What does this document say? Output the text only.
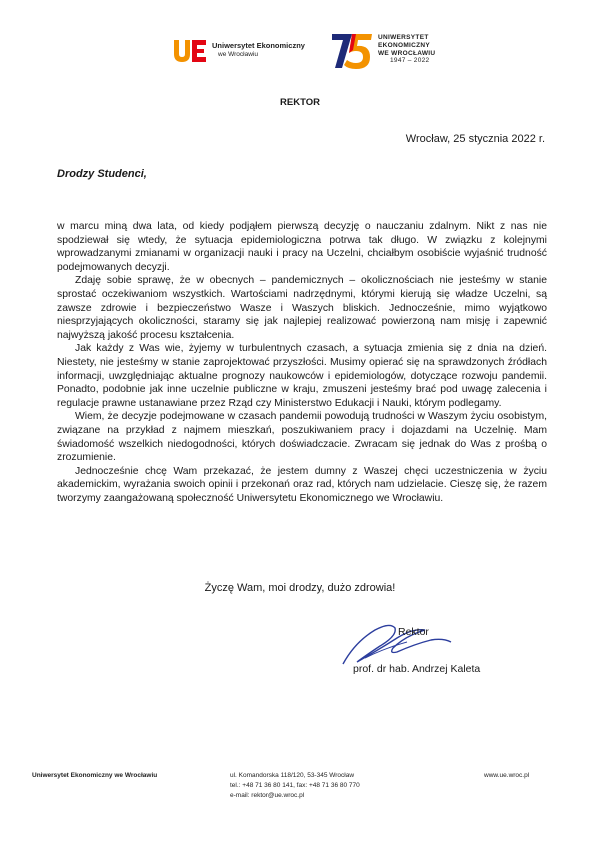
Uniwersytet Ekonomiczny
we Wrocławiu
UNIWERSYTET
EKONOMICZNY
WE WROCŁAWIU
1947 – 2022
REKTOR
Wrocław, 25 stycznia 2022 r.
Drodzy Studenci,

w marcu miną dwa lata, od kiedy podjąłem pierwszą decyzję o nauczaniu zdalnym. Nikt z nas nie spodziewał się wtedy, że sytuacja epidemiologiczna potrwa tak długo. W związku z kolejnymi wprowadzanymi zmianami w organizacji nauki i pracy na Uczelni, chciałbym osobiście wyjaśnić trudność podejmowanych decyzji.

Zdaję sobie sprawę, że w obecnych – pandemicznych – okolicznościach nie jesteśmy w stanie sprostać oczekiwaniom wszystkich. Wartościami nadrzędnymi, którymi kierują się władze Uczelni, są zawsze zdrowie i bezpieczeństwo Wasze i Waszych bliskich. Jednocześnie, mimo wyjątkowo niesprzyjających okoliczności, staramy się jak najlepiej realizować powierzoną nam misję i zapewnić najwyższą jakość procesu kształcenia.

Jak każdy z Was wie, żyjemy w turbulentnych czasach, a sytuacja zmienia się z dnia na dzień. Niestety, nie jesteśmy w stanie zaprojektować przyszłości. Musimy opierać się na sprawdzonych źródłach informacji, uwzględniając aktualne prognozy naukowców i epidemiologów, dotyczące rozwoju pandemii. Ponadto, podobnie jak inne uczelnie publiczne w kraju, zmuszeni jesteśmy brać pod uwagę zalecenia i regulacje prawne ustanawiane przez Rząd czy Ministerstwo Edukacji i Nauki, którym podlegamy.

Wiem, że decyzje podejmowane w czasach pandemii powodują trudności w Waszym życiu osobistym, związane na przykład z najmem mieszkań, poszukiwaniem pracy i dojazdami na Uczelnię. Mam świadomość wszelkich niedogodności, których doświadczacie. Zwracam się jednak do Was z prośbą o zrozumienie.

Jednocześnie chcę Wam przekazać, że jestem dumny z Waszej chęci uczestniczenia w życiu akademickim, wyrażania swoich opinii i przekonań oraz rad, których nam udzielacie. Cieszę się, że razem tworzymy zaangażowaną społeczność Uniwersytetu Ekonomicznego we Wrocławiu.

Życzę Wam, moi drodzy, dużo zdrowia!
Rektor
prof. dr hab. Andrzej Kaleta
Uniwersytet Ekonomiczny we Wrocławiu	ul. Komandorska 118/120, 53-345 Wrocław
tel.: +48 71 36 80 141, fax: +48 71 36 80 770
e-mail: rektor@ue.wroc.pl
www.ue.wroc.pl
